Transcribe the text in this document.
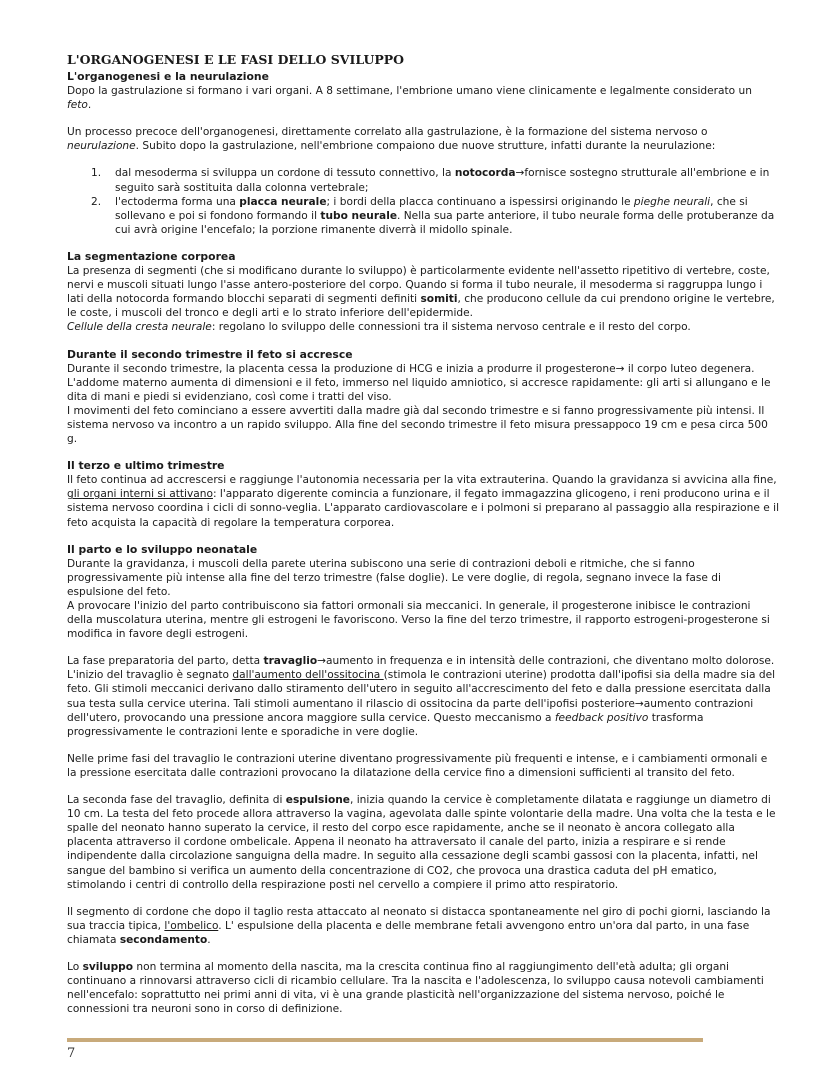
L'ORGANOGENESI E LE FASI DELLO SVILUPPO
L'organogenesi e la neurulazione

Dopo la gastrulazione si formano i vari organi. A 8 settimane, l'embrione umano viene clinicamente e legalmente considerato un feto.

Un processo precoce dell'organogenesi, direttamente correlato alla gastrulazione, è la formazione del sistema nervoso o neurulazione. Subito dopo la gastrulazione, nell'embrione compaiono due nuove strutture, infatti durante la neurulazione:

1. dal mesoderma si sviluppa un cordone di tessuto connettivo, la notocorda→fornisce sostegno strutturale all'embrione e in seguito sarà sostituita dalla colonna vertebrale;
2. l'ectoderma forma una placca neurale; i bordi della placca continuano a ispessirsi originando le pieghe neurali, che si sollevano e poi si fondono formando il tubo neurale. Nella sua parte anteriore, il tubo neurale forma delle protuberanze da cui avrà origine l'encefalo; la porzione rimanente diverrà il midollo spinale.
La segmentazione corporea

La presenza di segmenti (che si modificano durante lo sviluppo) è particolarmente evidente nell'assetto ripetitivo di vertebre, coste, nervi e muscoli situati lungo l'asse antero-posteriore del corpo. Quando si forma il tubo neurale, il mesoderma si raggruppa lungo i lati della notocorda formando blocchi separati di segmenti definiti somiti, che producono cellule da cui prendono origine le vertebre, le coste, i muscoli del tronco e degli arti e lo strato inferiore dell'epidermide.

Cellule della cresta neurale: regolano lo sviluppo delle connessioni tra il sistema nervoso centrale e il resto del corpo.

Durante il secondo trimestre il feto si accresce

Durante il secondo trimestre, la placenta cessa la produzione di HCG e inizia a produrre il progesterone→ il corpo luteo degenera.

L'addome materno aumenta di dimensioni e il feto, immerso nel liquido amniotico, si accresce rapidamente: gli arti si allungano e le dita di mani e piedi si evidenziano, così come i tratti del viso.

I movimenti del feto cominciano a essere avvertiti dalla madre già dal secondo trimestre e si fanno progressivamente più intensi. Il sistema nervoso va incontro a un rapido sviluppo. Alla fine del secondo trimestre il feto misura pressappoco 19 cm e pesa circa 500 g.

Il terzo e ultimo trimestre

Il feto continua ad accrescersi e raggiunge l'autonomia necessaria per la vita extrauterina. Quando la gravidanza si avvicina alla fine, gli organi interni si attivano: l'apparato digerente comincia a funzionare, il fegato immagazzina glicogeno, i reni producono urina e il sistema nervoso coordina i cicli di sonno-veglia. L'apparato cardiovascolare e i polmoni si preparano al passaggio alla respirazione e il feto acquista la capacità di regolare la temperatura corporea.

Il parto e lo sviluppo neonatale

Durante la gravidanza, i muscoli della parete uterina subiscono una serie di contrazioni deboli e ritmiche, che si fanno progressivamente più intense alla fine del terzo trimestre (false doglie). Le vere doglie, di regola, segnano invece la fase di espulsione del feto.

A provocare l'inizio del parto contribuiscono sia fattori ormonali sia meccanici. In generale, il progesterone inibisce le contrazioni della muscolatura uterina, mentre gli estrogeni le favoriscono. Verso la fine del terzo trimestre, il rapporto estrogeni-progesterone si modifica in favore degli estrogeni.

La fase preparatoria del parto, detta travaglio→aumento in frequenza e in intensità delle contrazioni, che diventano molto dolorose. L'inizio del travaglio è segnato dall'aumento dell'ossitocina (stimola le contrazioni uterine) prodotta dall'ipofisi sia della madre sia del feto. Gli stimoli meccanici derivano dallo stiramento dell'utero in seguito all'accrescimento del feto e dalla pressione esercitata dalla sua testa sulla cervice uterina. Tali stimoli aumentano il rilascio di ossitocina da parte dell'ipofisi posteriore→aumento contrazioni dell'utero, provocando una pressione ancora maggiore sulla cervice. Questo meccanismo a feedback positivo trasforma progressivamente le contrazioni lente e sporadiche in vere doglie.

Nelle prime fasi del travaglio le contrazioni uterine diventano progressivamente più frequenti e intense, e i cambiamenti ormonali e la pressione esercitata dalle contrazioni provocano la dilatazione della cervice fino a dimensioni sufficienti al transito del feto.

La seconda fase del travaglio, definita di espulsione, inizia quando la cervice è completamente dilatata e raggiunge un diametro di 10 cm. La testa del feto procede allora attraverso la vagina, agevolata dalle spinte volontarie della madre. Una volta che la testa e le spalle del neonato hanno superato la cervice, il resto del corpo esce rapidamente, anche se il neonato è ancora collegato alla placenta attraverso il cordone ombelicale. Appena il neonato ha attraversato il canale del parto, inizia a respirare e si rende indipendente dalla circolazione sanguigna della madre. In seguito alla cessazione degli scambi gassosi con la placenta, infatti, nel sangue del bambino si verifica un aumento della concentrazione di CO2, che provoca una drastica caduta del pH ematico, stimolando i centri di controllo della respirazione posti nel cervello a compiere il primo atto respiratorio.

Il segmento di cordone che dopo il taglio resta attaccato al neonato si distacca spontaneamente nel giro di pochi giorni, lasciando la sua traccia tipica, l'ombelico. L' espulsione della placenta e delle membrane fetali avvengono entro un'ora dal parto, in una fase chiamata secondamento.

Lo sviluppo non termina al momento della nascita, ma la crescita continua fino al raggiungimento dell'età adulta; gli organi continuano a rinnovarsi attraverso cicli di ricambio cellulare. Tra la nascita e l'adolescenza, lo sviluppo causa notevoli cambiamenti nell'encefalo: soprattutto nei primi anni di vita, vi è una grande plasticità nell'organizzazione del sistema nervoso, poiché le connessioni tra neuroni sono in corso di definizione.

7
